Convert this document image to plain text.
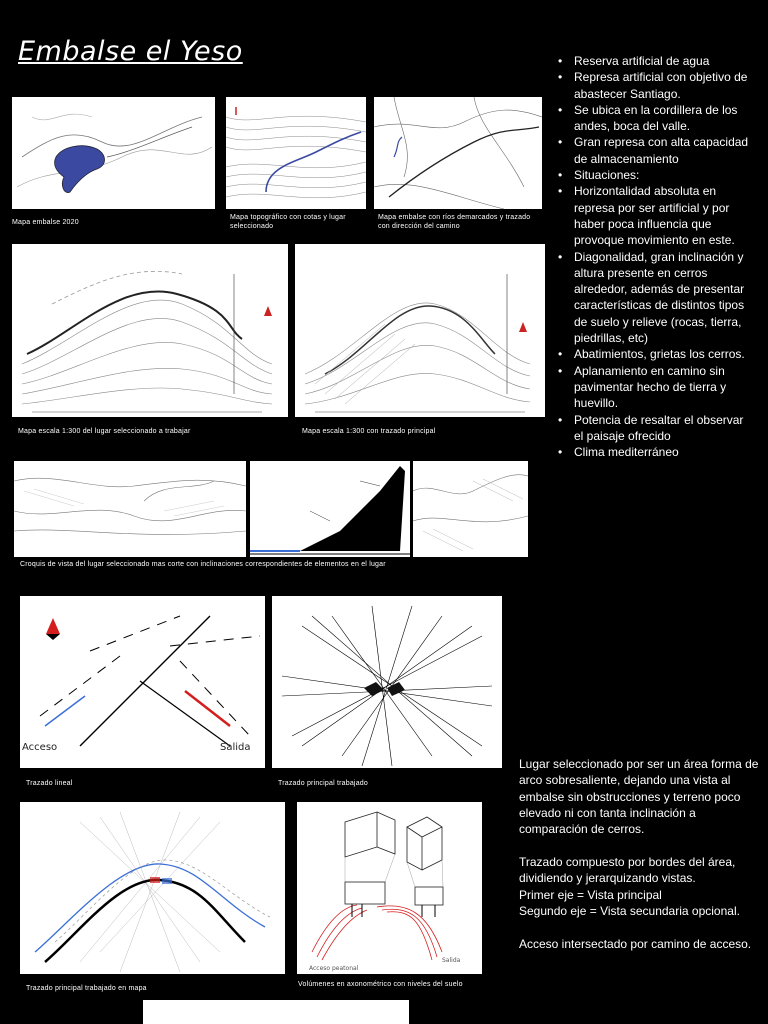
Embalse el Yeso
•	Reserva artificial de agua
• Represa artificial con objetivo de abastecer Santiago.
• Se ubica en la cordillera de los andes, boca del valle.
• Gran represa con alta capacidad de almacenamiento
• Situaciones:
• Horizontalidad absoluta en represa por ser artificial y por haber poca influencia que provoque movimiento en este.
• Diagonalidad, gran inclinación y altura presente en cerros alrededor, además de presentar características de distintos tipos de suelo y relieve (rocas, tierra, piedrillas, etc)
• Abatimientos, grietas los cerros.
• Aplanamiento en camino sin pavimentar hecho de tierra y huevillo.
• Potencia de resaltar el observar el paisaje ofrecido
• Clima mediterráneo
Mapa embalse 2020
Mapa topográfico con cotas y lugar seleccionado
Mapa embalse con ríos demarcados y trazado con dirección del camino
Mapa escala 1:300 del lugar seleccionado a trabajar	Mapa escala 1:300 con trazado principal
Croquis de vista del lugar seleccionado mas corte con inclinaciones correspondientes de elementos en el lugar
Acceso	Salida
Trazado lineal	Trazado principal trabajado
Trazado principal trabajado en mapa
Acceso peatonal
Salida
Volúmenes en axonométrico con niveles del suelo
Lugar seleccionado por ser un área forma de arco sobresaliente, dejando una vista al embalse sin obstrucciones y terreno poco elevado ni con tanta inclinación a comparación de cerros.
Trazado compuesto por bordes del área, dividiendo y jerarquizando vistas.
Primer eje = Vista principal
Segundo eje = Vista secundaria opcional.
Acceso intersectado por camino de acceso.
